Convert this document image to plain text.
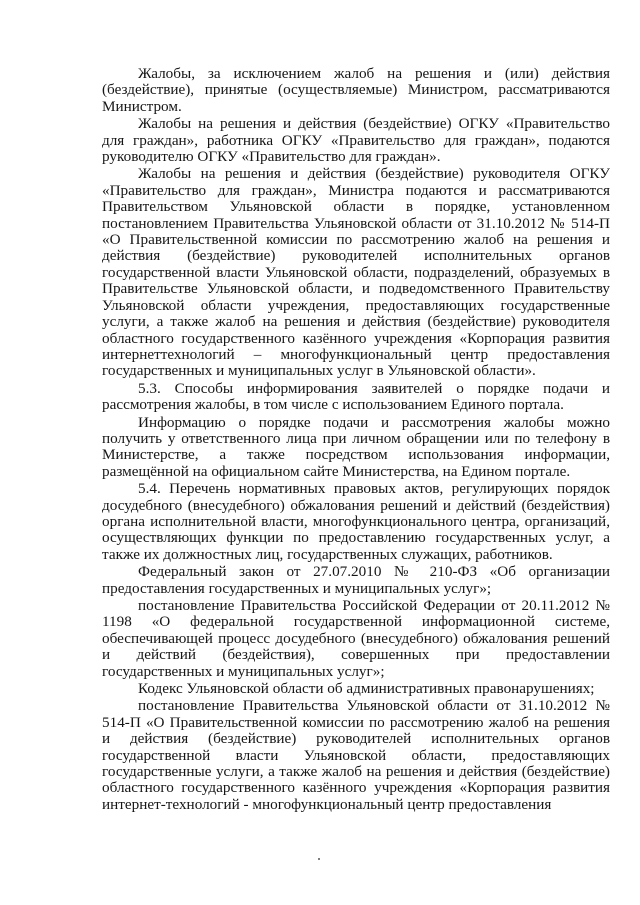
Жалобы, за исключением жалоб на решения и (или) действия (бездействие), принятые (осуществляемые) Министром, рассматриваются Министром.

Жалобы на решения и действия (бездействие) ОГКУ «Правительство для граждан», работника ОГКУ «Правительство для граждан», подаются руководителю ОГКУ «Правительство для граждан».

Жалобы на решения и действия (бездействие) руководителя ОГКУ «Правительство для граждан», Министра подаются и рассматриваются Правительством Ульяновской области в порядке, установленном постановлением Правительства Ульяновской области от 31.10.2012 № 514-П «О Правительственной комиссии по рассмотрению жалоб на решения и действия (бездействие) руководителей исполнительных органов государственной власти Ульяновской области, подразделений, образуемых в Правительстве Ульяновской области, и подведомственного Правительству Ульяновской области учреждения, предоставляющих государственные услуги, а также жалоб на решения и действия (бездействие) руководителя областного государственного казённого учреждения «Корпорация развития интернеттехнологий – многофункциональный центр предоставления государственных и муниципальных услуг в Ульяновской области».

5.3. Способы информирования заявителей о порядке подачи и рассмотрения жалобы, в том числе с использованием Единого портала.

Информацию о порядке подачи и рассмотрения жалобы можно получить у ответственного лица при личном обращении или по телефону в Министерстве, а также посредством использования информации, размещённой на официальном сайте Министерства, на Едином портале.

5.4. Перечень нормативных правовых актов, регулирующих порядок досудебного (внесудебного) обжалования решений и действий (бездействия) органа исполнительной власти, многофункционального центра, организаций, осуществляющих функции по предоставлению государственных услуг, а также их должностных лиц, государственных служащих, работников.

Федеральный закон от 27.07.2010 № 210-ФЗ «Об организации предоставления государственных и муниципальных услуг»;

постановление Правительства Российской Федерации от 20.11.2012 № 1198 «О федеральной государственной информационной системе, обеспечивающей процесс досудебного (внесудебного) обжалования решений и действий (бездействия), совершенных при предоставлении государственных и муниципальных услуг»;

Кодекс Ульяновской области об административных правонарушениях;

постановление Правительства Ульяновской области от 31.10.2012 № 514-П «О Правительственной комиссии по рассмотрению жалоб на решения и действия (бездействие) руководителей исполнительных органов государственной власти Ульяновской области, предоставляющих государственные услуги, а также жалоб на решения и действия (бездействие) областного государственного казённого учреждения «Корпорация развития интернет-технологий - многофункциональный центр предоставления
